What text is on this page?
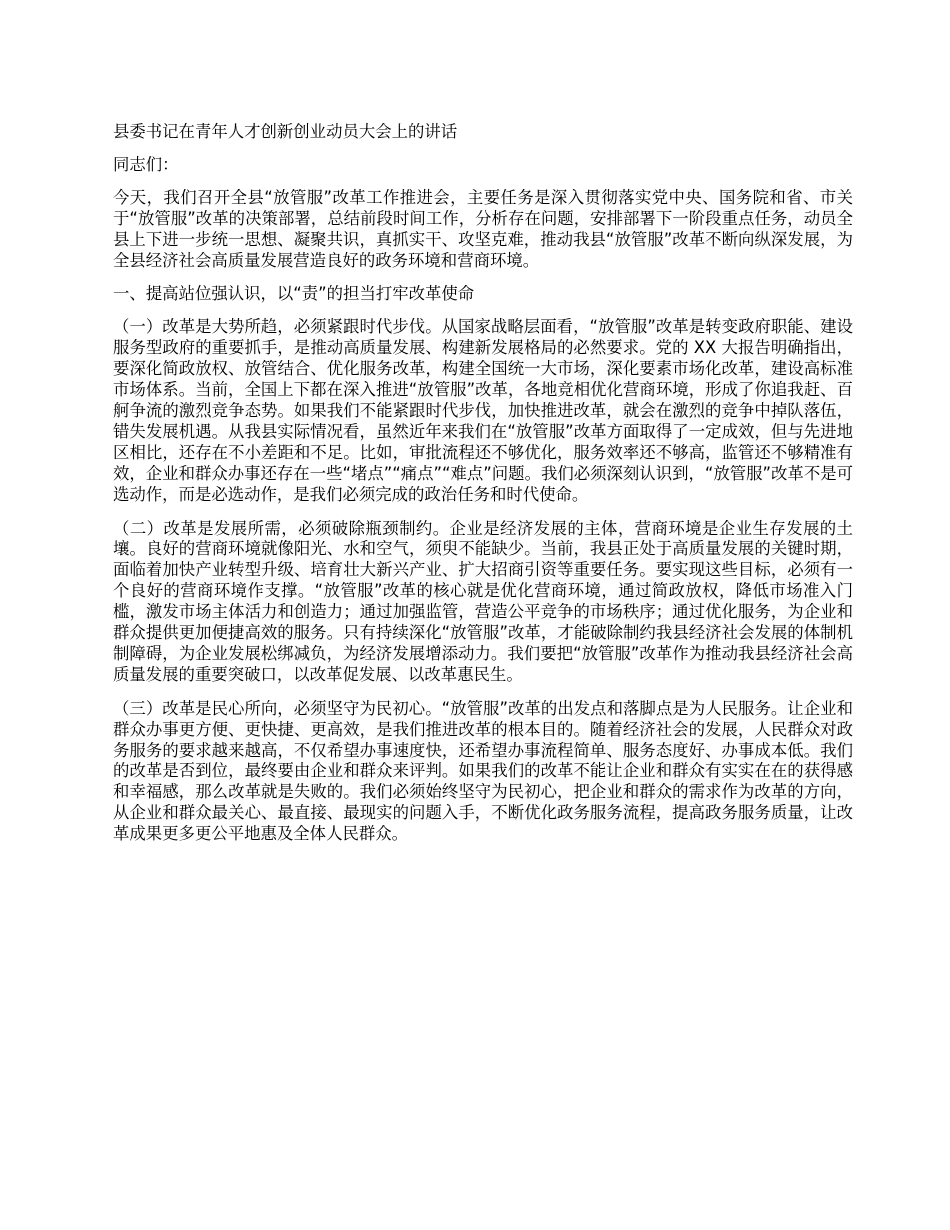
县委书记在青年人才创新创业动员大会上的讲话

同志们：

今天，我们召开全县“放管服”改革工作推进会，主要任务是深入贯彻落实党中央、国务院和省、市关于“放管服”改革的决策部署，总结前段时间工作，分析存在问题，安排部署下一阶段重点任务，动员全县上下进一步统一思想、凝聚共识，真抓实干、攻坚克难，推动我县“放管服”改革不断向纵深发展，为全县经济社会高质量发展营造良好的政务环境和营商环境。

一、提高站位强认识，以“责”的担当打牢改革使命

（一）改革是大势所趋，必须紧跟时代步伐。从国家战略层面看，“放管服”改革是转变政府职能、建设服务型政府的重要抓手，是推动高质量发展、构建新发展格局的必然要求。党的 XX 大报告明确指出，要深化简政放权、放管结合、优化服务改革，构建全国统一大市场，深化要素市场化改革，建设高标准市场体系。当前，全国上下都在深入推进“放管服”改革，各地竞相优化营商环境，形成了你追我赶、百舸争流的激烈竞争态势。如果我们不能紧跟时代步伐，加快推进改革，就会在激烈的竞争中掉队落伍，错失发展机遇。从我县实际情况看，虽然近年来我们在“放管服”改革方面取得了一定成效，但与先进地区相比，还存在不小差距和不足。比如，审批流程还不够优化，服务效率还不够高，监管还不够精准有效，企业和群众办事还存在一些“堵点”“痛点”“难点”问题。我们必须深刻认识到，“放管服”改革不是可选动作，而是必选动作，是我们必须完成的政治任务和时代使命。

（二）改革是发展所需，必须破除瓶颈制约。企业是经济发展的主体，营商环境是企业生存发展的土壤。良好的营商环境就像阳光、水和空气，须臾不能缺少。当前，我县正处于高质量发展的关键时期，面临着加快产业转型升级、培育壮大新兴产业、扩大招商引资等重要任务。要实现这些目标，必须有一个良好的营商环境作支撑。“放管服”改革的核心就是优化营商环境，通过简政放权，降低市场准入门槛，激发市场主体活力和创造力；通过加强监管，营造公平竞争的市场秩序；通过优化服务，为企业和群众提供更加便捷高效的服务。只有持续深化“放管服”改革，才能破除制约我县经济社会发展的体制机制障碍，为企业发展松绑减负，为经济发展增添动力。我们要把“放管服”改革作为推动我县经济社会高质量发展的重要突破口，以改革促发展、以改革惠民生。

（三）改革是民心所向，必须坚守为民初心。“放管服”改革的出发点和落脚点是为人民服务。让企业和群众办事更方便、更快捷、更高效，是我们推进改革的根本目的。随着经济社会的发展，人民群众对政务服务的要求越来越高，不仅希望办事速度快，还希望办事流程简单、服务态度好、办事成本低。我们的改革是否到位，最终要由企业和群众来评判。如果我们的改革不能让企业和群众有实实在在的获得感和幸福感，那么改革就是失败的。我们必须始终坚守为民初心，把企业和群众的需求作为改革的方向，从企业和群众最关心、最直接、最现实的问题入手，不断优化政务服务流程，提高政务服务质量，让改革成果更多更公平地惠及全体人民群众。
